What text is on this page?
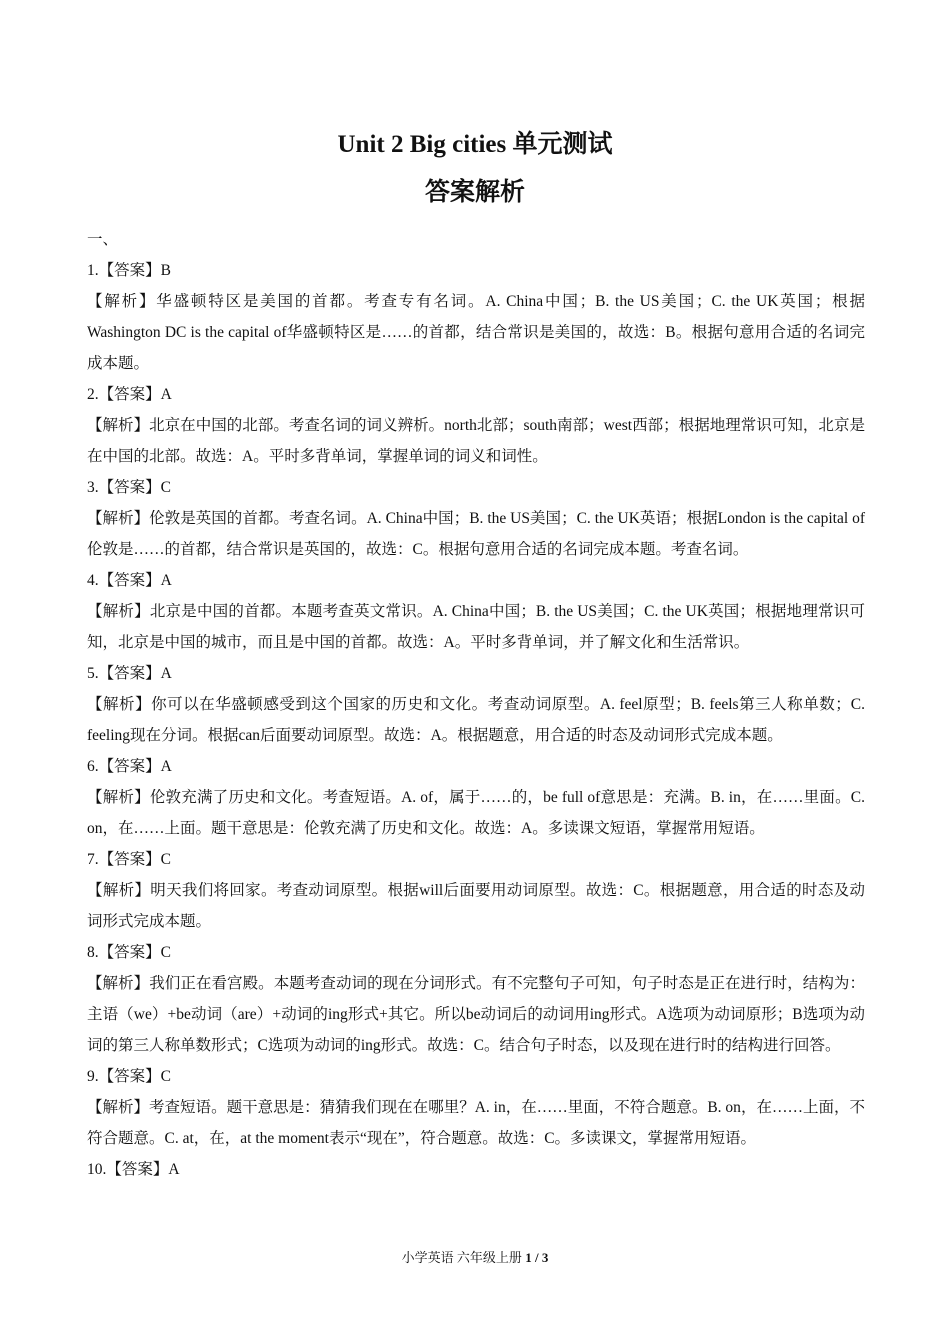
Unit 2 Big cities 单元测试
答案解析
一、
1.【答案】B
【解析】华盛顿特区是美国的首都。考查专有名词。A. China中国；B. the US美国；C. the UK英国；根据Washington DC is the capital of华盛顿特区是……的首都，结合常识是美国的，故选：B。根据句意用合适的名词完成本题。
2.【答案】A
【解析】北京在中国的北部。考查名词的词义辨析。north北部；south南部；west西部；根据地理常识可知，北京是在中国的北部。故选：A。平时多背单词，掌握单词的词义和词性。
3.【答案】C
【解析】伦敦是英国的首都。考查名词。A. China中国；B. the US美国；C. the UK英语；根据London is the capital of伦敦是……的首都，结合常识是英国的，故选：C。根据句意用合适的名词完成本题。考查名词。
4.【答案】A
【解析】北京是中国的首都。本题考查英文常识。A. China中国；B. the US美国；C. the UK英国；根据地理常识可知，北京是中国的城市，而且是中国的首都。故选：A。平时多背单词，并了解文化和生活常识。
5.【答案】A
【解析】你可以在华盛顿感受到这个国家的历史和文化。考查动词原型。A. feel原型；B. feels第三人称单数；C. feeling现在分词。根据can后面要动词原型。故选：A。根据题意，用合适的时态及动词形式完成本题。
6.【答案】A
【解析】伦敦充满了历史和文化。考查短语。A. of，属于……的，be full of意思是：充满。B. in，在……里面。C. on，在……上面。题干意思是：伦敦充满了历史和文化。故选：A。多读课文短语，掌握常用短语。
7.【答案】C
【解析】明天我们将回家。考查动词原型。根据will后面要用动词原型。故选：C。根据题意，用合适的时态及动词形式完成本题。
8.【答案】C
【解析】我们正在看宫殿。本题考查动词的现在分词形式。有不完整句子可知，句子时态是正在进行时，结构为：主语（we）+be动词（are）+动词的ing形式+其它。所以be动词后的动词用ing形式。A选项为动词原形；B选项为动词的第三人称单数形式；C选项为动词的ing形式。故选：C。结合句子时态，以及现在进行时的结构进行回答。
9.【答案】C
【解析】考查短语。题干意思是：猜猜我们现在在哪里？A. in，在……里面，不符合题意。B. on，在……上面，不符合题意。C. at，在，at the moment表示“现在”，符合题意。故选：C。多读课文，掌握常用短语。
10.【答案】A
小学英语 六年级上册 1 / 3
